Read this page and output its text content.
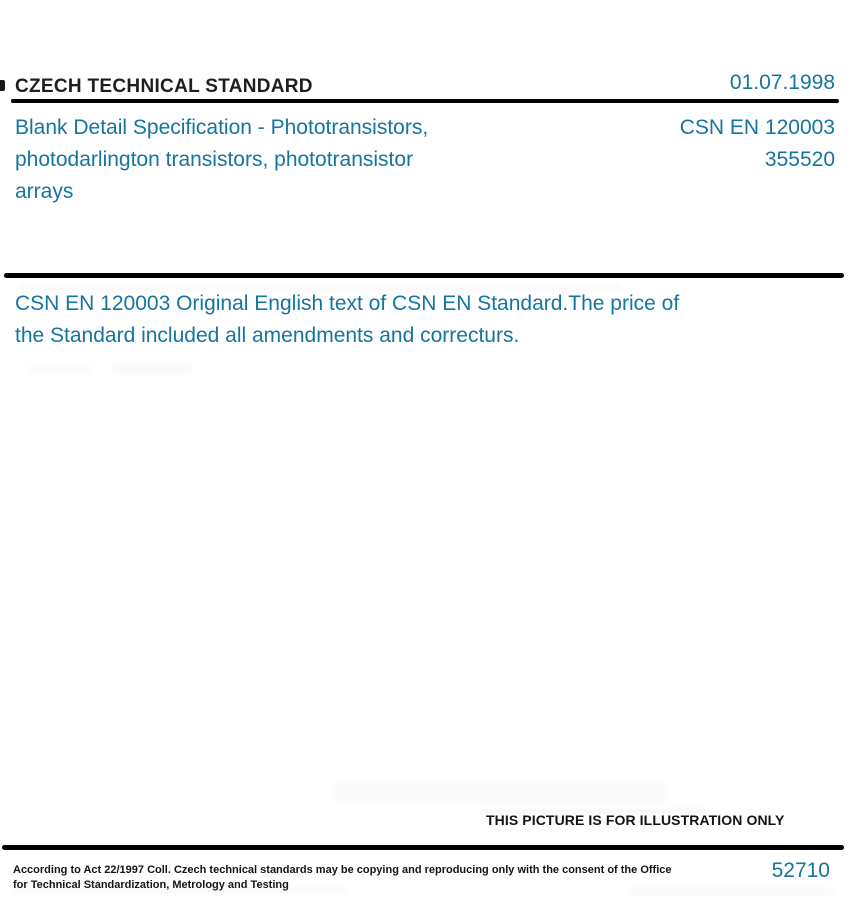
CZECH TECHNICAL STANDARD	01.07.1998
Blank Detail Specification - Phototransistors, photodarlington transistors, phototransistor arrays
CSN EN 120003
355520
CSN EN 120003 Original English text of CSN EN Standard.The price of the Standard included all amendments and correcturs.
THIS PICTURE IS FOR ILLUSTRATION ONLY
According to Act 22/1997 Coll. Czech technical standards may be copying and reproducing only with the consent of the Office
for Technical Standardization, Metrology and Testing
52710
